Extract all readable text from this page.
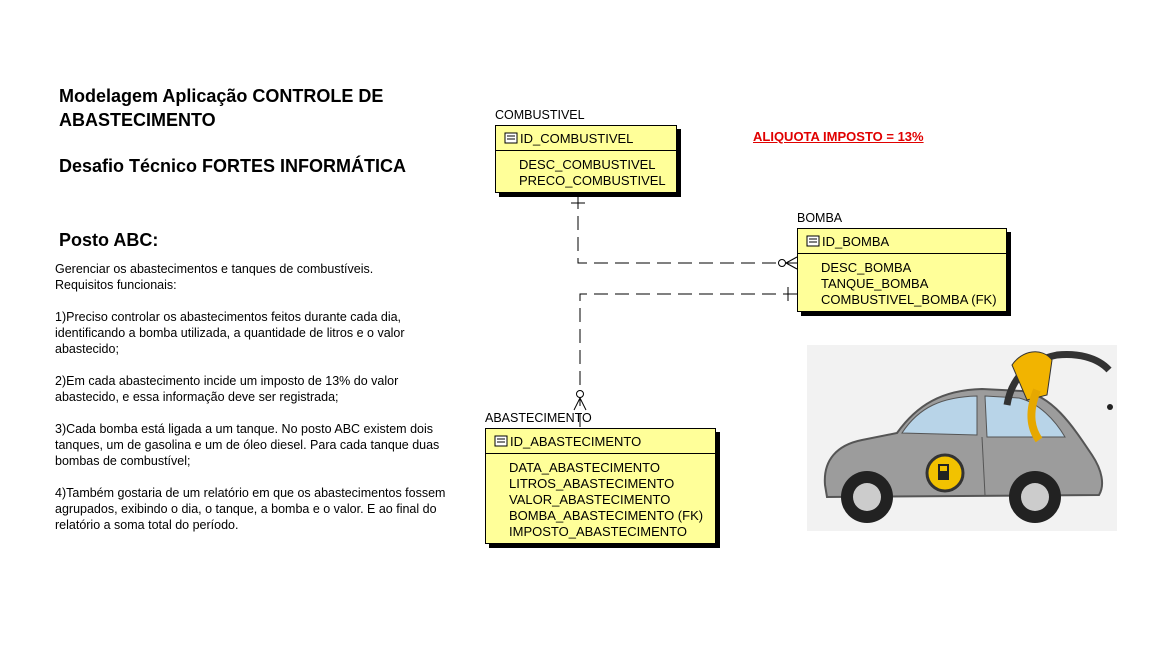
Modelagem Aplicação CONTROLE DE ABASTECIMENTO
Desafio Técnico FORTES INFORMÁTICA
Posto ABC:
Gerenciar os abastecimentos e tanques de combustíveis.

Requisitos funcionais:

1)Preciso controlar os abastecimentos feitos durante cada dia, identificando a bomba utilizada, a quantidade de litros e o valor abastecido;

2)Em cada abastecimento incide um imposto de 13% do valor abastecido, e essa informação deve ser registrada;

3)Cada bomba está ligada a um tanque. No posto ABC existem dois tanques, um de gasolina e um de óleo diesel. Para cada tanque duas bombas de combustível;

4)Também gostaria de um relatório em que os abastecimentos fossem agrupados, exibindo o dia, o tanque, a bomba e o valor. E ao final do relatório a soma total do período.

ALIQUOTA IMPOSTO = 13%
COMBUSTIVEL
ID_COMBUSTIVEL
DESC_COMBUSTIVEL
PRECO_COMBUSTIVEL
BOMBA
ID_BOMBA
DESC_BOMBA
TANQUE_BOMBA
COMBUSTIVEL_BOMBA (FK)
ABASTECIMENTO
ID_ABASTECIMENTO
DATA_ABASTECIMENTO
LITROS_ABASTECIMENTO
VALOR_ABASTECIMENTO
BOMBA_ABASTECIMENTO (FK)
IMPOSTO_ABASTECIMENTO
